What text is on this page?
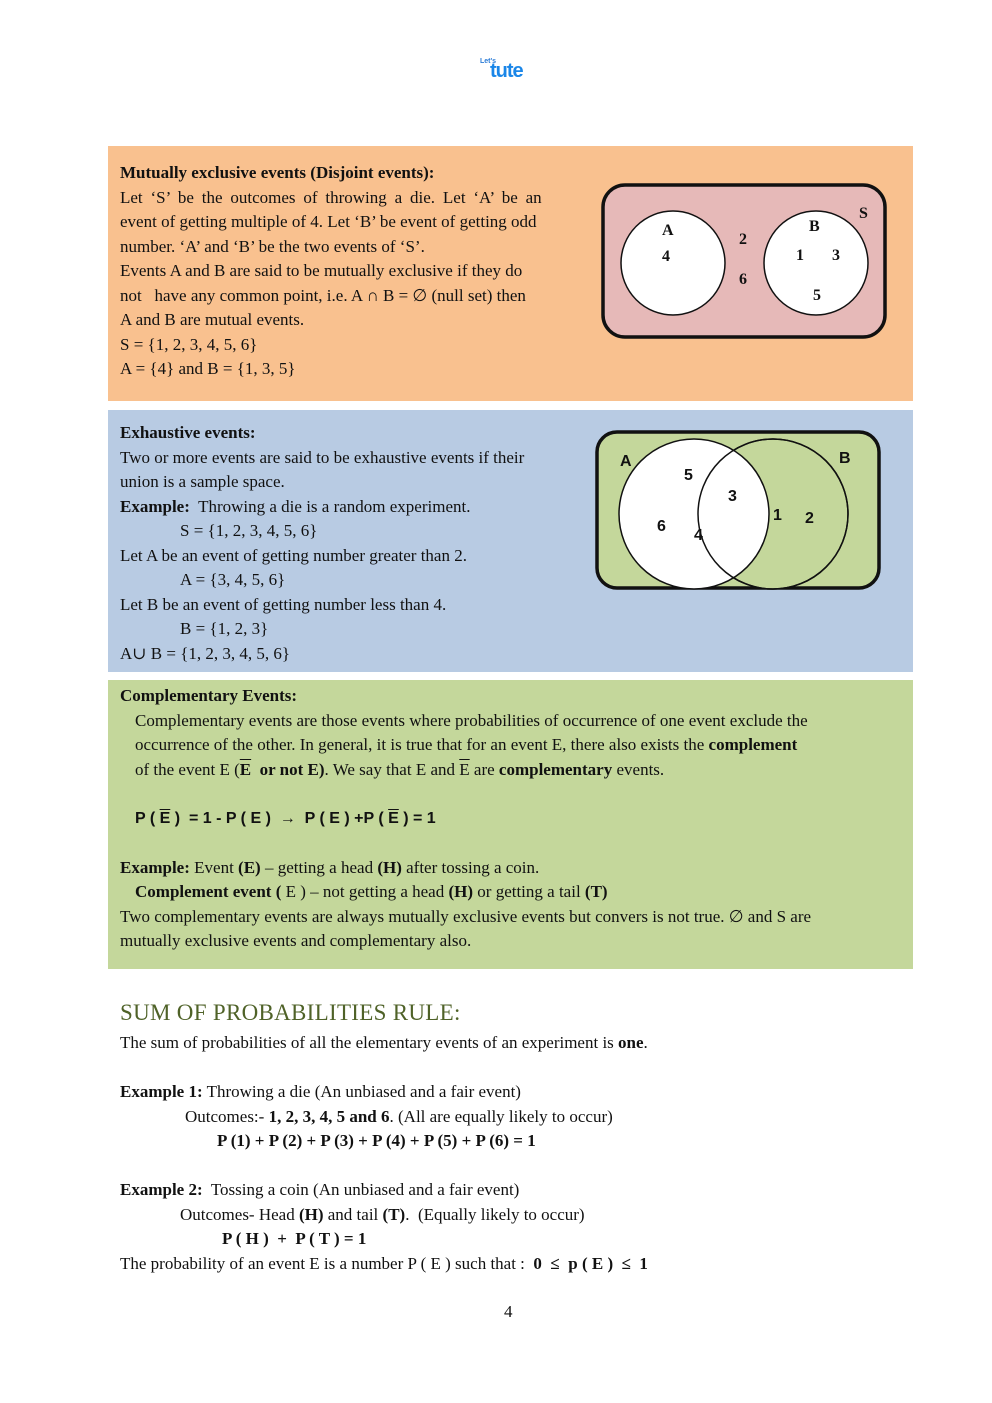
Let's
tute
Mutually exclusive events (Disjoint events):
Let ‘S’ be the outcomes of throwing a die. Let ‘A’ be an
event of getting multiple of 4. Let ‘B’ be event of getting odd
number. ‘A’ and ‘B’ be the two events of ‘S’.
Events A and B are said to be mutually exclusive if they do
not   have any common point, i.e. A ∩ B = ∅ (null set) then
A and B are mutual events.
S = {1, 2, 3, 4, 5, 6}
A = {4} and B = {1, 3, 5}
S
A
4
B
2
6
1 3
5
Exhaustive events:
Two or more events are said to be exhaustive events if their
union is a sample space.
Example:  Throwing a die is a random experiment.
S = {1, 2, 3, 4, 5, 6}
Let A be an event of getting number greater than 2.
A = {3, 4, 5, 6}
Let B be an event of getting number less than 4.
B = {1, 2, 3}
A∪ B = {1, 2, 3, 4, 5, 6}
A	B
5
6
4
3
1 2
Complementary Events:
Complementary events are those events where probabilities of occurrence of one event exclude the
occurrence of the other. In general, it is true that for an event E, there also exists the complement
of the event E ($\overline{E}$  or not E). We say that E and $\overline{E}$ are complementary events.

P ( $\overline{E}$ )  = 1 - P ( E )  →  P ( E ) +P ( $\overline{E}$ ) = 1

Example: Event (E) – getting a head (H) after tossing a coin.
Complement event ( E ) – not getting a head (H) or getting a tail (T)
Two complementary events are always mutually exclusive events but convers is not true. ∅ and S are
mutually exclusive events and complementary also.
SUM OF PROBABILITIES RULE:
The sum of probabilities of all the elementary events of an experiment is one.

Example 1: Throwing a die (An unbiased and a fair event)
Outcomes:- 1, 2, 3, 4, 5 and 6. (All are equally likely to occur)
P (1) + P (2) + P (3) + P (4) + P (5) + P (6) = 1

Example 2:  Tossing a coin (An unbiased and a fair event)
Outcomes- Head (H) and tail (T).  (Equally likely to occur)
P ( H )  +  P ( T ) = 1
The probability of an event E is a number P ( E ) such that :  0  ≤  p ( E )  ≤  1
4
